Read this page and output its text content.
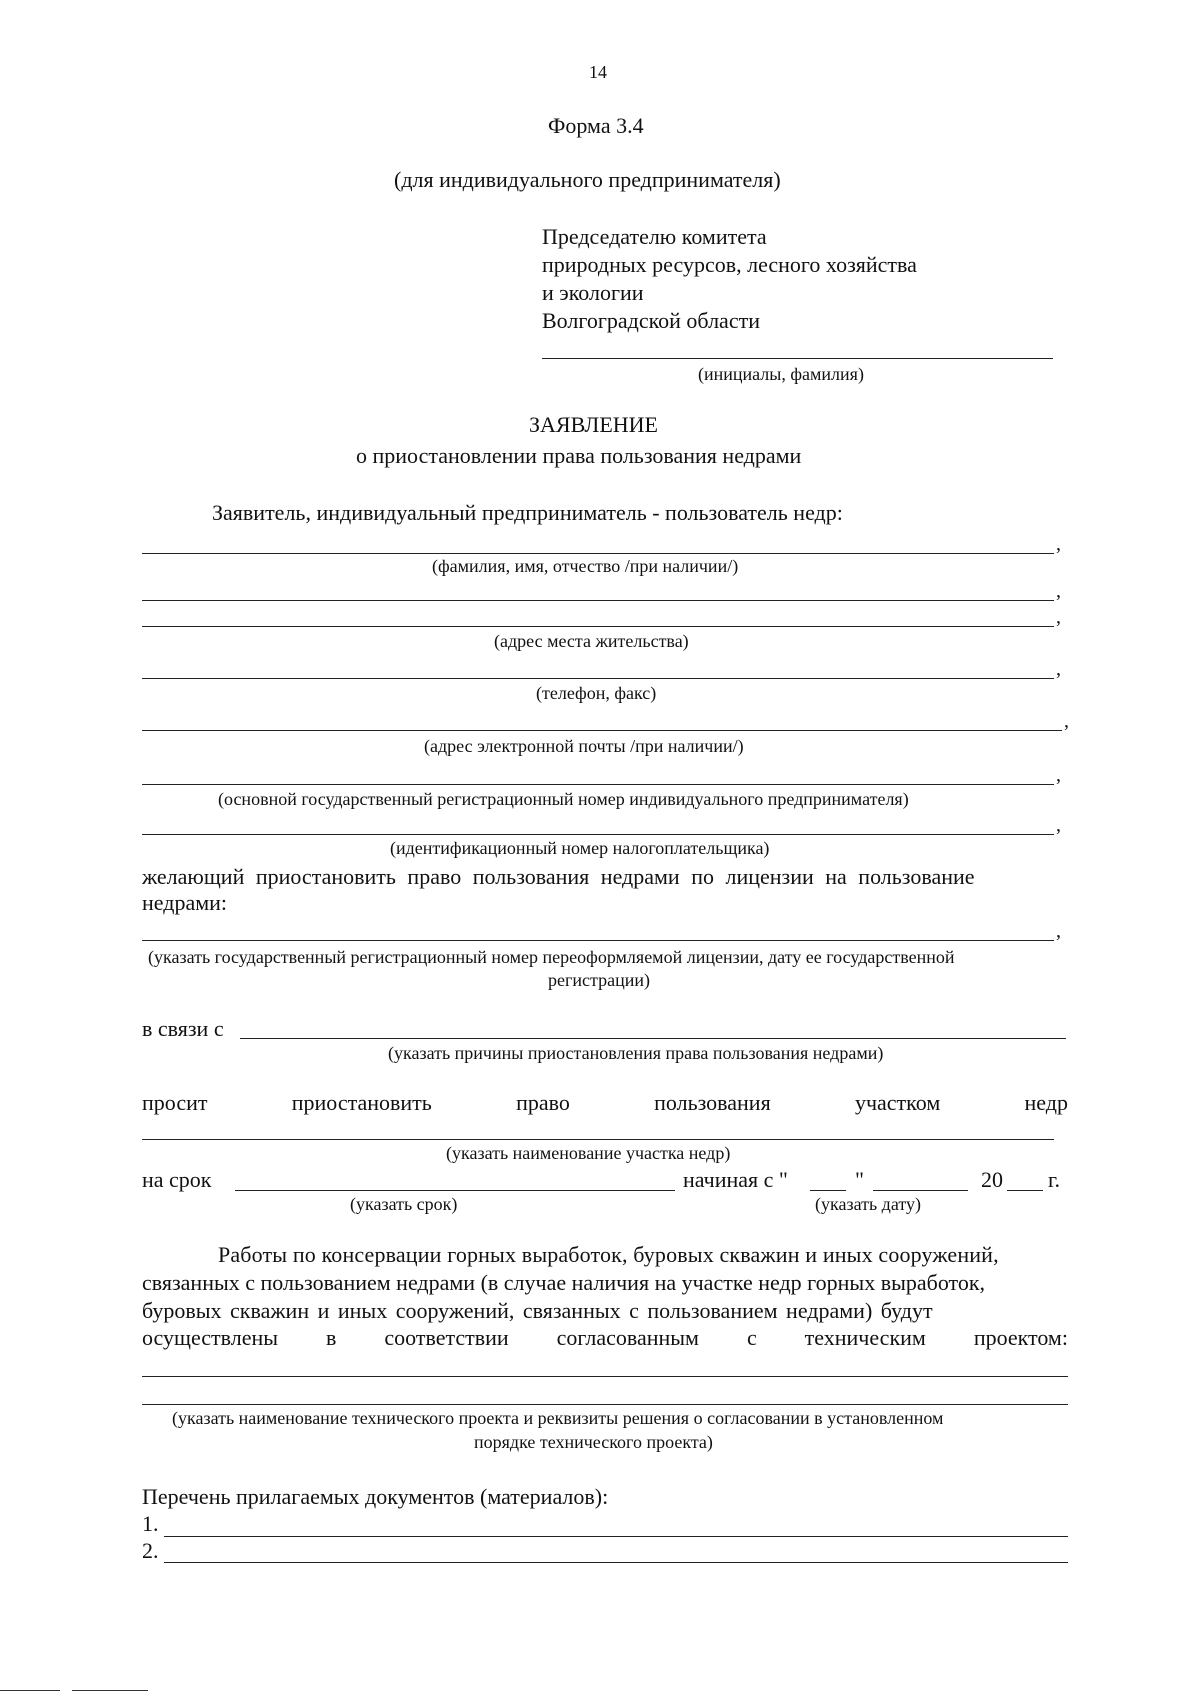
14
Форма 3.4
(для индивидуального предпринимателя)
Председателю комитета
природных ресурсов, лесного хозяйства
и экологии
Волгоградской области
(инициалы, фамилия)
ЗАЯВЛЕНИЕ
о приостановлении права пользования недрами
Заявитель, индивидуальный предприниматель - пользователь недр:
,
(фамилия, имя, отчество /при наличии/)
,
,
(адрес места жительства)
,
(телефон, факс)
,
(адрес электронной почты /при наличии/)
,
(основной государственный регистрационный номер индивидуального предпринимателя)
,
(идентификационный номер налогоплательщика)
желающий приостановить право пользования недрами по лицензии на пользование
недрами:
,
(указать государственный регистрационный номер переоформляемой лицензии, дату ее государственной
регистрации)
в связи с
(указать причины приостановления права пользования недрами)
просит	приостановить	право	пользования	участком	недр
(указать наименование участка недр)
на срок	начиная с "	"	20 г.
(указать срок)	(указать дату)
Работы по консервации горных выработок, буровых скважин и иных сооружений,
связанных с пользованием недрами (в случае наличия на участке недр горных выработок,
буровых скважин и иных сооружений, связанных с пользованием недрами) будут
осуществлены в соответствии согласованным с техническим проектом:
(указать наименование технического проекта и реквизиты решения о согласовании в установленном
порядке технического проекта)
Перечень прилагаемых документов (материалов):
1.
2.
